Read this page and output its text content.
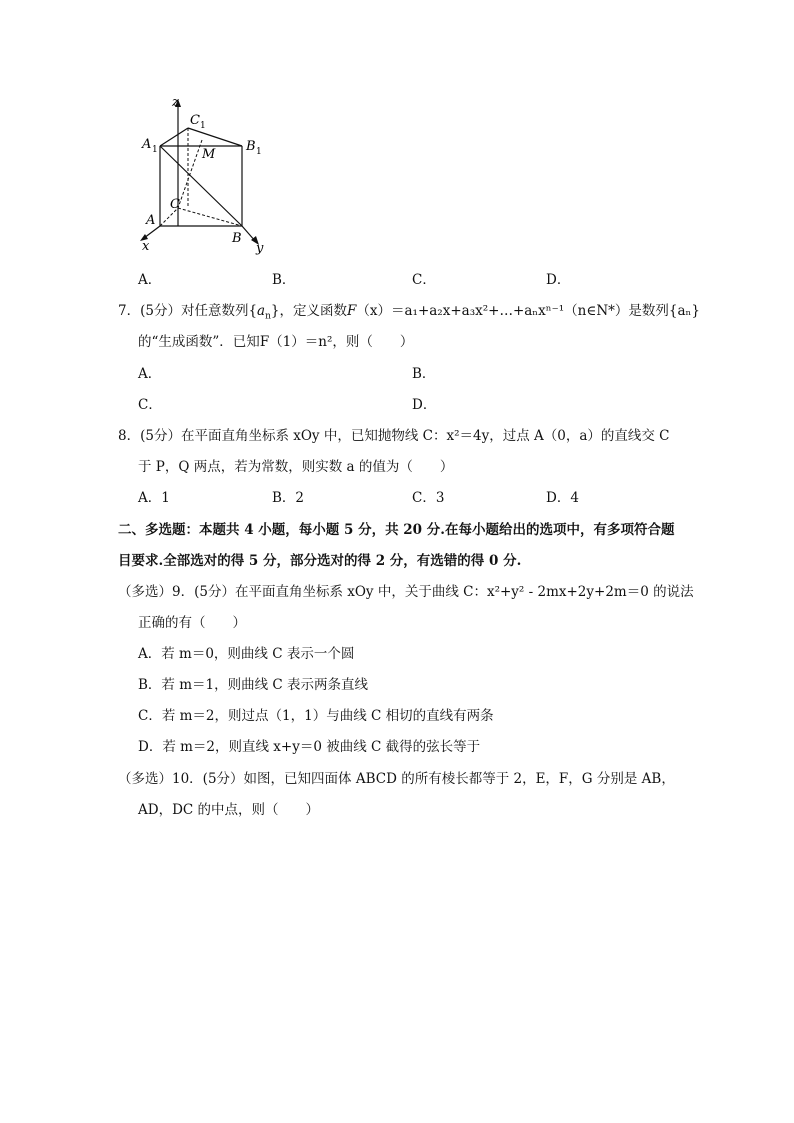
z
C 1
A 1	M
B 1
C
A
B
x	y
A．	B．	C．	D．
7．(5分）对任意数列$\{a_n\}$，定义函数F（x）＝a₁+a₂x+a₃x²+…+aₙxⁿ⁻¹（n∈N*）是数列{aₙ}
的“生成函数”．已知F（1）＝n²，则（　　）
A．	B．
C．	D．
8．(5分）在平面直角坐标系 xOy 中，已知抛物线 C：x²＝4y，过点 A（0，a）的直线交 C
于 P，Q 两点，若为常数，则实数 a 的值为（　　）
A．1	B．2	C．3	D．4
二、多选题：本题共 4 小题，每小题 5 分，共 20 分.在每小题给出的选项中，有多项符合题
目要求.全部选对的得 5 分，部分选对的得 2 分，有选错的得 0 分.
（多选）9．(5分）在平面直角坐标系 xOy 中，关于曲线 C：x²+y² - 2mx+2y+2m＝0 的说法
正确的有（　　）
A．若 m＝0，则曲线 C 表示一个圆
B．若 m＝1，则曲线 C 表示两条直线
C．若 m＝2，则过点（1，1）与曲线 C 相切的直线有两条
D．若 m＝2，则直线 x+y＝0 被曲线 C 截得的弦长等于
（多选）10．(5分）如图，已知四面体 ABCD 的所有棱长都等于 2，E，F，G 分别是 AB，
AD，DC 的中点，则（　　）
